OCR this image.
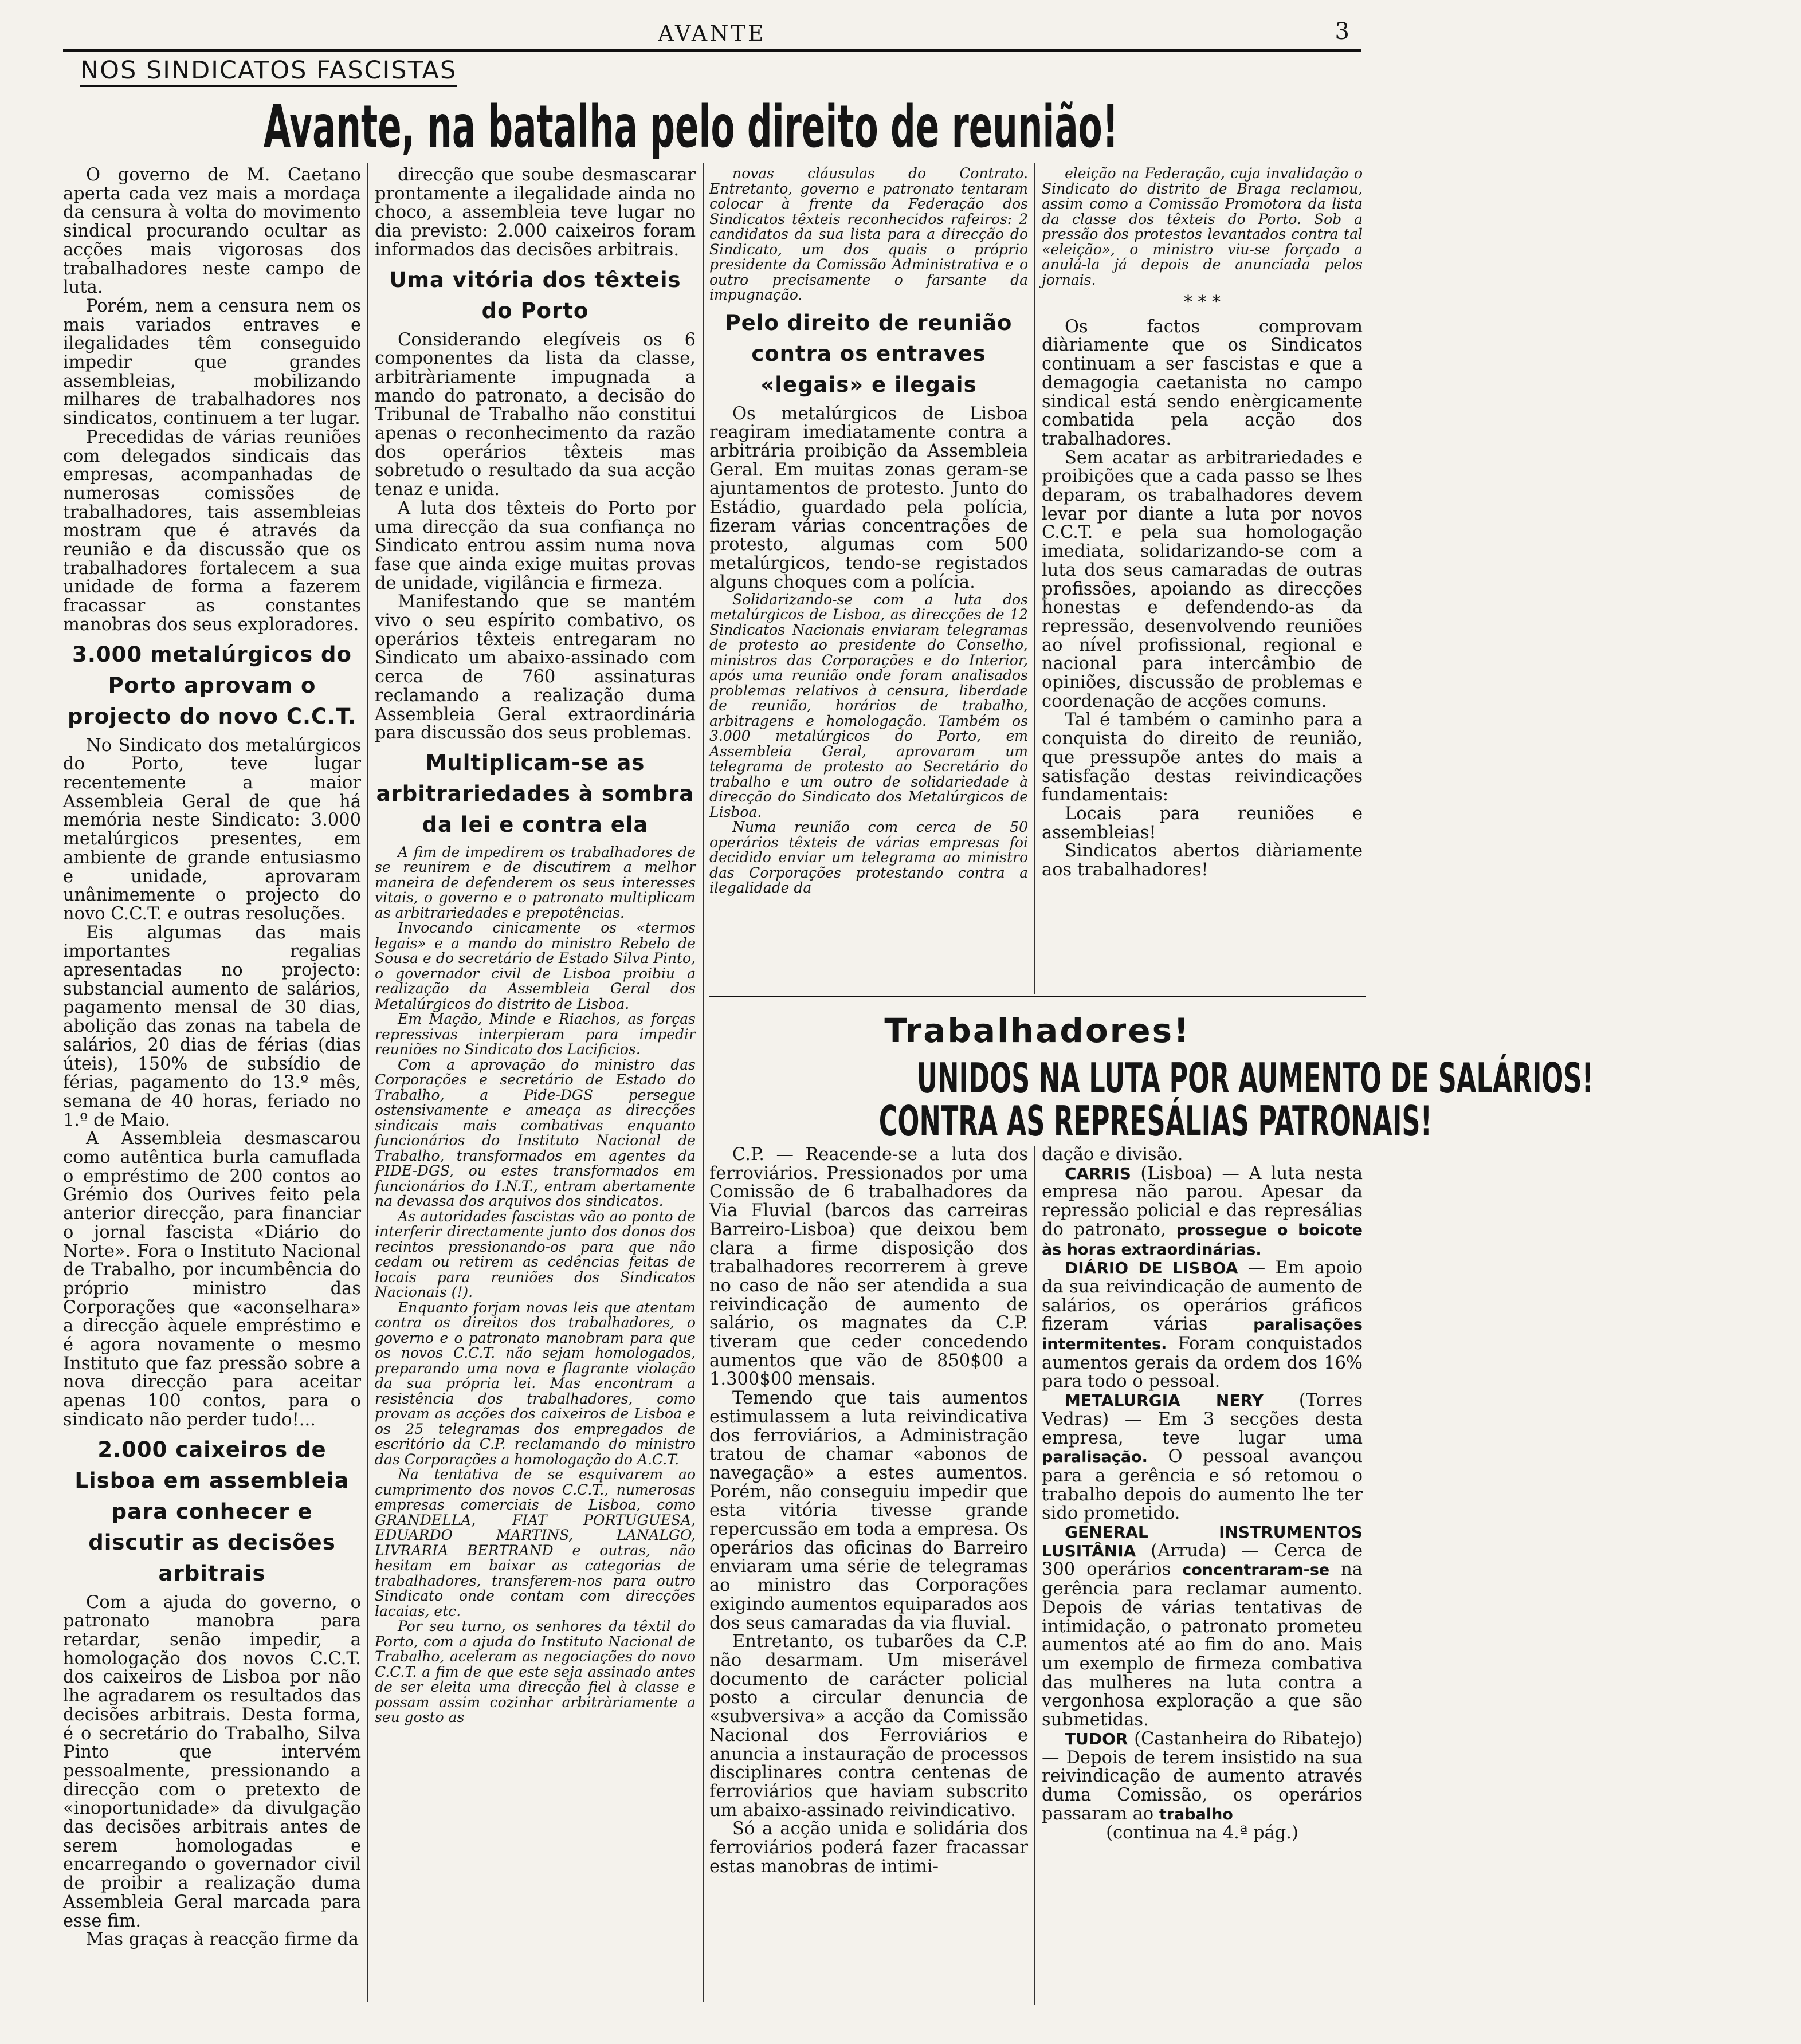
AVANTE	3
NOS SINDICATOS FASCISTAS
Avante, na batalha pelo direito de reunião!

O governo de M. Caetano aperta cada vez mais a mordaça da censura à volta do movimento sindical procurando ocultar as acções mais vigorosas dos trabalhadores neste campo de luta.

Porém, nem a censura nem os mais variados entraves e ilegalidades têm conseguido impedir que grandes assembleias, mobilizando milhares de trabalhadores nos sindicatos, continuem a ter lugar.

Precedidas de várias reuniões com delegados sindicais das empresas, acompanhadas de numerosas comissões de trabalhadores, tais assembleias mostram que é através da reunião e da discussão que os trabalhadores fortalecem a sua unidade de forma a fazerem fracassar as constantes manobras dos seus exploradores.

3.000 metalúrgicos do Porto aprovam o projecto do novo C.C.T.

No Sindicato dos metalúrgicos do Porto, teve lugar recentemente a maior Assembleia Geral de que há memória neste Sindicato: 3.000 metalúrgicos presentes, em ambiente de grande entusiasmo e unidade, aprovaram unânimemente o projecto do novo C.C.T. e outras resoluções.

Eis algumas das mais importantes regalias apresentadas no projecto: substancial aumento de salários, pagamento mensal de 30 dias, abolição das zonas na tabela de salários, 20 dias de férias (dias úteis), 150% de subsídio de férias, pagamento do 13.º mês, semana de 40 horas, feriado no 1.º de Maio.

A Assembleia desmascarou como autêntica burla camuflada o empréstimo de 200 contos ao Grémio dos Ourives feito pela anterior direcção, para financiar o jornal fascista «Diário do Norte». Fora o Instituto Nacional de Trabalho, por incumbência do próprio ministro das Corporações que «aconselhara» a direcção àquele empréstimo e é agora novamente o mesmo Instituto que faz pressão sobre a nova direcção para aceitar apenas 100 contos, para o sindicato não perder tudo!...

2.000 caixeiros de Lisboa em assembleia para conhecer e discutir as decisões arbitrais

Com a ajuda do governo, o patronato manobra para retardar, senão impedir, a homologação dos novos C.C.T. dos caixeiros de Lisboa por não lhe agradarem os resultados das decisões arbitrais. Desta forma, é o secretário do Trabalho, Silva Pinto que intervém pessoalmente, pressionando a direcção com o pretexto de «inoportunidade» da divulgação das decisões arbitrais antes de serem homologadas e encarregando o governador civil de proibir a realização duma Assembleia Geral marcada para esse fim.

Mas graças à reacção firme da

direcção que soube desmascarar prontamente a ilegalidade ainda no choco, a assembleia teve lugar no dia previsto: 2.000 caixeiros foram informados das decisões arbitrais.

Uma vitória dos têxteis do Porto

Considerando elegíveis os 6 componentes da lista da classe, arbitràriamente impugnada a mando do patronato, a decisão do Tribunal de Trabalho não constitui apenas o reconhecimento da razão dos operários têxteis mas sobretudo o resultado da sua acção tenaz e unida.

A luta dos têxteis do Porto por uma direcção da sua confiança no Sindicato entrou assim numa nova fase que ainda exige muitas provas de unidade, vigilância e firmeza.

Manifestando que se mantém vivo o seu espírito combativo, os operários têxteis entregaram no Sindicato um abaixo-assinado com cerca de 760 assinaturas reclamando a realização duma Assembleia Geral extraordinária para discussão dos seus problemas.

Multiplicam-se as arbitrariedades à sombra da lei e contra ela

A fim de impedirem os trabalhadores de se reunirem e de discutirem a melhor maneira de defenderem os seus interesses vitais, o governo e o patronato multiplicam as arbitrariedades e prepotências.

Invocando cinicamente os «termos legais» e a mando do ministro Rebelo de Sousa e do secretário de Estado Silva Pinto, o governador civil de Lisboa proibiu a realização da Assembleia Geral dos Metalúrgicos do distrito de Lisboa.

Em Mação, Minde e Riachos, as forças repressivas interpieram para impedir reuniões no Sindicato dos Lacificios.

Com a aprovação do ministro das Corporações e secretário de Estado do Trabalho, a Pide-DGS persegue ostensivamente e ameaça as direcções sindicais mais combativas enquanto funcionários do Instituto Nacional de Trabalho, transformados em agentes da PIDE-DGS, ou estes transformados em funcionários do I.N.T., entram abertamente na devassa dos arquivos dos sindicatos.

As autoridades fascistas vão ao ponto de interferir directamente junto dos donos dos recintos pressionando-os para que não cedam ou retirem as cedências feitas de locais para reuniões dos Sindicatos Nacionais (!).

Enquanto forjam novas leis que atentam contra os direitos dos trabalhadores, o governo e o patronato manobram para que os novos C.C.T. não sejam homologados, preparando uma nova e flagrante violação da sua própria lei. Mas encontram a resistência dos trabalhadores, como provam as acções dos caixeiros de Lisboa e os 25 telegramas dos empregados de escritório da C.P. reclamando do ministro das Corporações a homologação do A.C.T.

Na tentativa de se esquivarem ao cumprimento dos novos C.C.T., numerosas empresas comerciais de Lisboa, como GRANDELLA, FIAT PORTUGUESA, EDUARDO MARTINS, LANALGO, LIVRARIA BERTRAND e outras, não hesitam em baixar as categorias de trabalhadores, transferem-nos para outro Sindicato onde contam com direcções lacaias, etc.

Por seu turno, os senhores da têxtil do Porto, com a ajuda do Instituto Nacional de Trabalho, aceleram as negociações do novo C.C.T. a fim de que este seja assinado antes de ser eleita uma direcção fiel à classe e possam assim cozinhar arbitràriamente a seu gosto as

novas cláusulas do Contrato. Entretanto, governo e patronato tentaram colocar à frente da Federação dos Sindicatos têxteis reconhecidos rafeiros: 2 candidatos da sua lista para a direcção do Sindicato, um dos quais o próprio presidente da Comissão Administrativa e o outro precisamente o farsante da impugnação.

Pelo direito de reunião contra os entraves «legais» e ilegais

Os metalúrgicos de Lisboa reagiram imediatamente contra a arbitrária proibição da Assembleia Geral. Em muitas zonas geram-se ajuntamentos de protesto. Junto do Estádio, guardado pela polícia, fizeram várias concentrações de protesto, algumas com 500 metalúrgicos, tendo-se registados alguns choques com a polícia.

Solidarizando-se com a luta dos metalúrgicos de Lisboa, as direcções de 12 Sindicatos Nacionais enviaram telegramas de protesto ao presidente do Conselho, ministros das Corporações e do Interior, após uma reunião onde foram analisados problemas relativos à censura, liberdade de reunião, horários de trabalho, arbitragens e homologação. Também os 3.000 metalúrgicos do Porto, em Assembleia Geral, aprovaram um telegrama de protesto ao Secretário do trabalho e um outro de solidariedade à direcção do Sindicato dos Metalúrgicos de Lisboa.

Numa reunião com cerca de 50 operários têxteis de várias empresas foi decidido enviar um telegrama ao ministro das Corporações protestando contra a ilegalidade da

eleição na Federação, cuja invalidação o Sindicato do distrito de Braga reclamou, assim como a Comissão Promotora da lista da classe dos têxteis do Porto. Sob a pressão dos protestos levantados contra tal «eleição», o ministro viu-se forçado a anulá-la já depois de anunciada pelos jornais.

* * *

Os factos comprovam diàriamente que os Sindicatos continuam a ser fascistas e que a demagogia caetanista no campo sindical está sendo enèrgicamente combatida pela acção dos trabalhadores.

Sem acatar as arbitrariedades e proibições que a cada passo se lhes deparam, os trabalhadores devem levar por diante a luta por novos C.C.T. e pela sua homologação imediata, solidarizando-se com a luta dos seus camaradas de outras profissões, apoiando as direcções honestas e defendendo-as da repressão, desenvolvendo reuniões ao nível profissional, regional e nacional para intercâmbio de opiniões, discussão de problemas e coordenação de acções comuns.

Tal é também o caminho para a conquista do direito de reunião, que pressupõe antes do mais a satisfação destas reivindicações fundamentais:

Locais para reuniões e assembleias!

Sindicatos abertos diàriamente aos trabalhadores!

Trabalhadores!
UNIDOS NA LUTA POR AUMENTO DE SALÁRIOS!
CONTRA AS REPRESÁLIAS PATRONAIS!

C.P. — Reacende-se a luta dos ferroviários. Pressionados por uma Comissão de 6 trabalhadores da Via Fluvial (barcos das carreiras Barreiro-Lisboa) que deixou bem clara a firme disposição dos trabalhadores recorrerem à greve no caso de não ser atendida a sua reivindicação de aumento de salário, os magnates da C.P. tiveram que ceder concedendo aumentos que vão de 850$00 a 1.300$00 mensais.

Temendo que tais aumentos estimulassem a luta reivindicativa dos ferroviários, a Administração tratou de chamar «abonos de navegação» a estes aumentos. Porém, não conseguiu impedir que esta vitória tivesse grande repercussão em toda a empresa. Os operários das oficinas do Barreiro enviaram uma série de telegramas ao ministro das Corporações exigindo aumentos equiparados aos dos seus camaradas da via fluvial.

Entretanto, os tubarões da C.P. não desarmam. Um miserável documento de carácter policial posto a circular denuncia de «subversiva» a acção da Comissão Nacional dos Ferroviários e anuncia a instauração de processos disciplinares contra centenas de ferroviários que haviam subscrito um abaixo-assinado reivindicativo.

Só a acção unida e solidária dos ferroviários poderá fazer fracassar estas manobras de intimi-

dação e divisão.

CARRIS (Lisboa) — A luta nesta empresa não parou. Apesar da repressão policial e das represálias do patronato, prossegue o boicote às horas extraordinárias.

DIÁRIO DE LISBOA — Em apoio da sua reivindicação de aumento de salários, os operários gráficos fizeram várias paralisações intermitentes. Foram conquistados aumentos gerais da ordem dos 16% para todo o pessoal.

METALURGIA NERY (Torres Vedras) — Em 3 secções desta empresa, teve lugar uma paralisação. O pessoal avançou para a gerência e só retomou o trabalho depois do aumento lhe ter sido prometido.

GENERAL INSTRUMENTOS LUSITÂNIA (Arruda) — Cerca de 300 operários concentraram-se na gerência para reclamar aumento. Depois de várias tentativas de intimidação, o patronato prometeu aumentos até ao fim do ano. Mais um exemplo de firmeza combativa das mulheres na luta contra a vergonhosa exploração a que são submetidas.

TUDOR (Castanheira do Ribatejo) — Depois de terem insistido na sua reivindicação de aumento através duma Comissão, os operários passaram ao trabalho

(continua na 4.ª pág.)
